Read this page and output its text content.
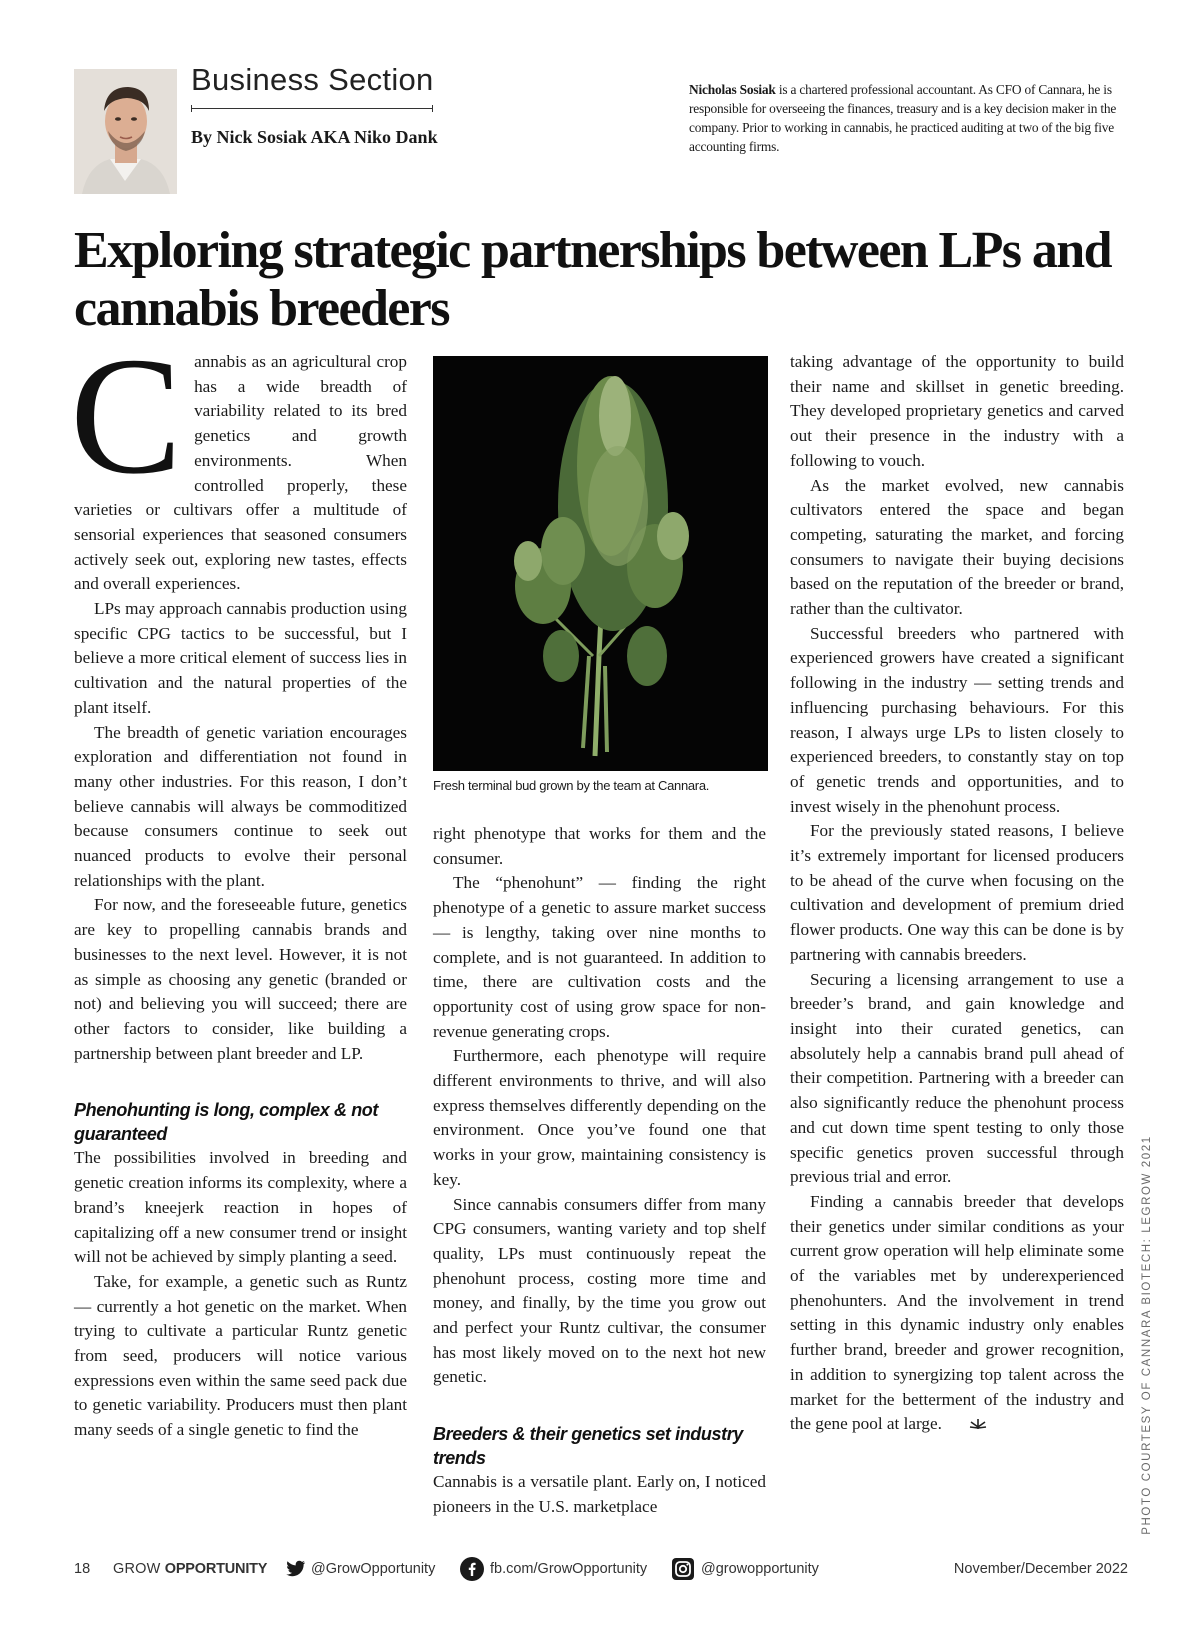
Business Section
By Nick Sosiak AKA Niko Dank
Nicholas Sosiak is a chartered professional accountant. As CFO of Cannara, he is responsible for overseeing the finances, treasury and is a key decision maker in the company. Prior to working in cannabis, he practiced auditing at two of the big five accounting firms.
Exploring strategic partnerships between LPs and cannabis breeders

Cannabis as an agricultural crop has a wide breadth of variability related to its bred genetics and growth environments. When controlled properly, these varieties or cultivars offer a multitude of sensorial experiences that seasoned consumers actively seek out, exploring new tastes, effects and overall experiences.

LPs may approach cannabis production using specific CPG tactics to be successful, but I believe a more critical element of success lies in cultivation and the natural properties of the plant itself.

The breadth of genetic variation encourages exploration and differentiation not found in many other industries. For this reason, I don’t believe cannabis will always be commoditized because consumers continue to seek out nuanced products to evolve their personal relationships with the plant.

For now, and the foreseeable future, genetics are key to propelling cannabis brands and businesses to the next level. However, it is not as simple as choosing any genetic (branded or not) and believing you will succeed; there are other factors to consider, like building a partnership between plant breeder and LP.

Phenohunting is long, complex & not guaranteed

The possibilities involved in breeding and genetic creation informs its complexity, where a brand’s kneejerk reaction in hopes of capitalizing off a new consumer trend or insight will not be achieved by simply planting a seed.

Take, for example, a genetic such as Runtz — currently a hot genetic on the market. When trying to cultivate a particular Runtz genetic from seed, producers will notice various expressions even within the same seed pack due to genetic variability. Producers must then plant many seeds of a single genetic to find the

Fresh terminal bud grown by the team at Cannara.

right phenotype that works for them and the consumer.

The “phenohunt” — finding the right phenotype of a genetic to assure market success — is lengthy, taking over nine months to complete, and is not guaranteed. In addition to time, there are cultivation costs and the opportunity cost of using grow space for non-revenue generating crops.

Furthermore, each phenotype will require different environments to thrive, and will also express themselves differently depending on the environment. Once you’ve found one that works in your grow, maintaining consistency is key.

Since cannabis consumers differ from many CPG consumers, wanting variety and top shelf quality, LPs must continuously repeat the phenohunt process, costing more time and money, and finally, by the time you grow out and perfect your Runtz cultivar, the consumer has most likely moved on to the next hot new genetic.

Breeders & their genetics set industry trends

Cannabis is a versatile plant. Early on, I noticed pioneers in the U.S. marketplace

taking advantage of the opportunity to build their name and skillset in genetic breeding. They developed proprietary genetics and carved out their presence in the industry with a following to vouch.

As the market evolved, new cannabis cultivators entered the space and began competing, saturating the market, and forcing consumers to navigate their buying decisions based on the reputation of the breeder or brand, rather than the cultivator.

Successful breeders who partnered with experienced growers have created a significant following in the industry — setting trends and influencing purchasing behaviours. For this reason, I always urge LPs to listen closely to experienced breeders, to constantly stay on top of genetic trends and opportunities, and to invest wisely in the phenohunt process.

For the previously stated reasons, I believe it’s extremely important for licensed producers to be ahead of the curve when focusing on the cultivation and development of premium dried flower products. One way this can be done is by partnering with cannabis breeders.

Securing a licensing arrangement to use a breeder’s brand, and gain knowledge and insight into their curated genetics, can absolutely help a cannabis brand pull ahead of their competition. Partnering with a breeder can also significantly reduce the phenohunt process and cut down time spent testing to only those specific genetics proven successful through previous trial and error.

Finding a cannabis breeder that develops their genetics under similar conditions as your current grow operation will help eliminate some of the variables met by underexperienced phenohunters. And the involvement in trend setting in this dynamic industry only enables further brand, breeder and grower recognition, in addition to synergizing top talent across the market for the betterment of the industry and the gene pool at large.	PHOTO COURTESY OF CANNARA BIOTECH: LEGROW 2021
18 GROW OPPORTUNITY	@GrowOpportunity	fb.com/GrowOpportunity	@growopportunity	November/December 2022
